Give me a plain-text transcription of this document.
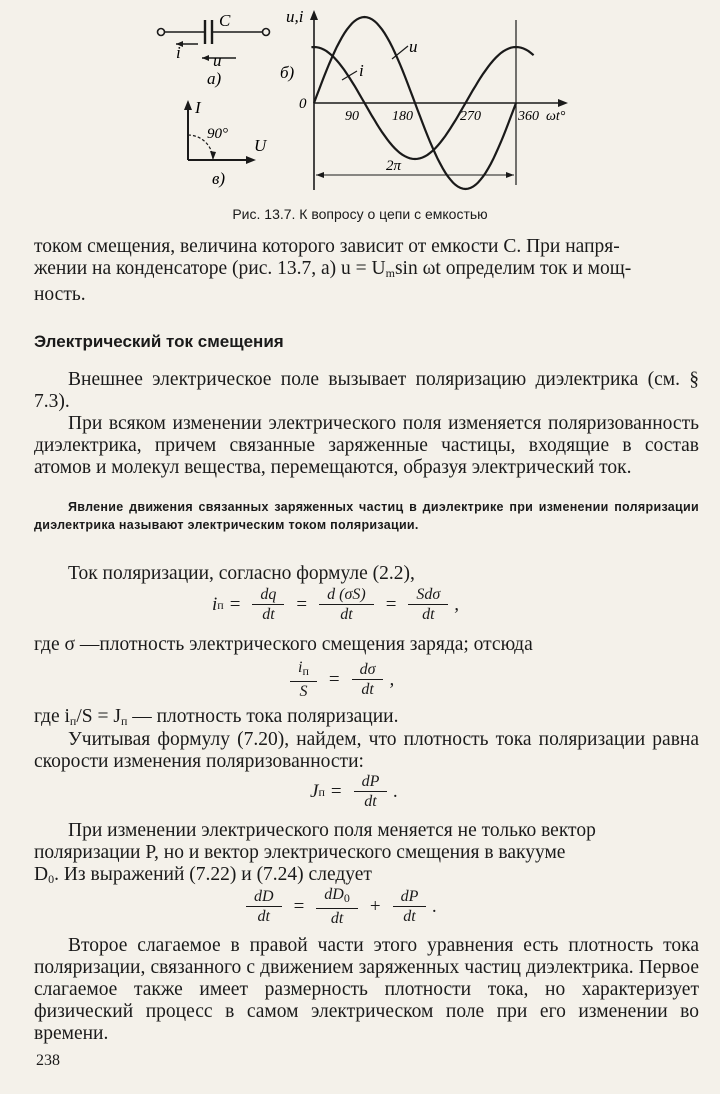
C
i u
а)
I
90°
U
в)
б)
u,i
u
i
0
90 180	270	360 ωt°
2π
Рис. 13.7. К вопросу о цепи с емкостью
током смещения, величина которого зависит от емкости C. При напря-
жении на конденсаторе (рис. 13.7, а) $u = U_m\sin$ ωt определим ток и мощ-
ность.
Электрический ток смещения
Внешнее электрическое поле вызывает поляризацию диэлектрика (см. § 7.3).
При всяком изменении электрического поля изменяется поляризованность диэлектрика, причем связанные заряженные частицы, входящие в состав атомов и молекул вещества, перемещаются, образуя электрический ток.
Явление движения связанных заряженных частиц в диэлектрике при изменении поляризации диэлектрика называют электрическим током поляризации.
Ток поляризации, согласно формуле (2.2),
i $п = \frac{dq}{dt} = \frac{d (\sigma S)}{dt} = \frac{\text{Sdσ}}{dt}$ ,
где σ —плотность электрического смещения заряда; отсюда
$\frac{i_п}{S} = \frac{d\sigma}{dt}$ ,
где $i_п/S = J_п$ — плотность тока поляризации.
Учитывая формулу (7.20), найдем, что плотность тока поляризации равна скорости изменения поляризованности:
J $п = \frac{dP}{dt}$ .
При изменении электрического поля меняется не только вектор
поляризации P, но и вектор электрического смещения в вакууме
$D_0$. Из выражений (7.22) и (7.24) следует
$\frac{dD}{dt} = \frac{dD_0}{dt} + \frac{dP}{dt}$ .
Второе слагаемое в правой части этого уравнения есть плотность тока поляризации, связанного с движением заряженных частиц диэлектрика. Первое слагаемое также имеет размерность плотности тока, но характеризует физический процесс в самом электрическом поле при его изменении во времени.
238
